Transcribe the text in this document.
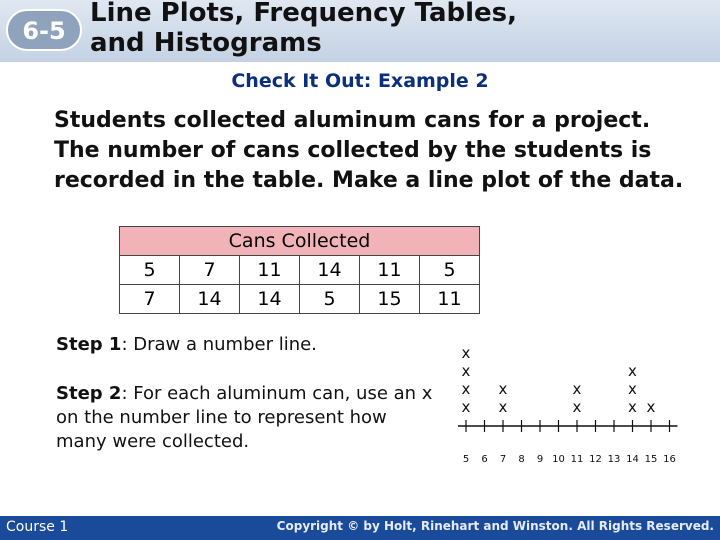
6-5
Line Plots, Frequency Tables,
and Histograms
Check It Out: Example 2
Students collected aluminum cans for a project. The number of cans collected by the students is recorded in the table. Make a line plot of the data.
Cans Collected					
5	7	11	14	11	5
7	14	14	5	15	11
Step 1: Draw a number line.
Step 2: For each aluminum can, use an x on the number line to represent how many were collected.
5
x
x
x
x
6 7
x
x
8 9 10 11
x
x
12 13 14
x
x
x
15
x
16
Course 1	Copyright © by Holt, Rinehart and Winston. All Rights Reserved.
